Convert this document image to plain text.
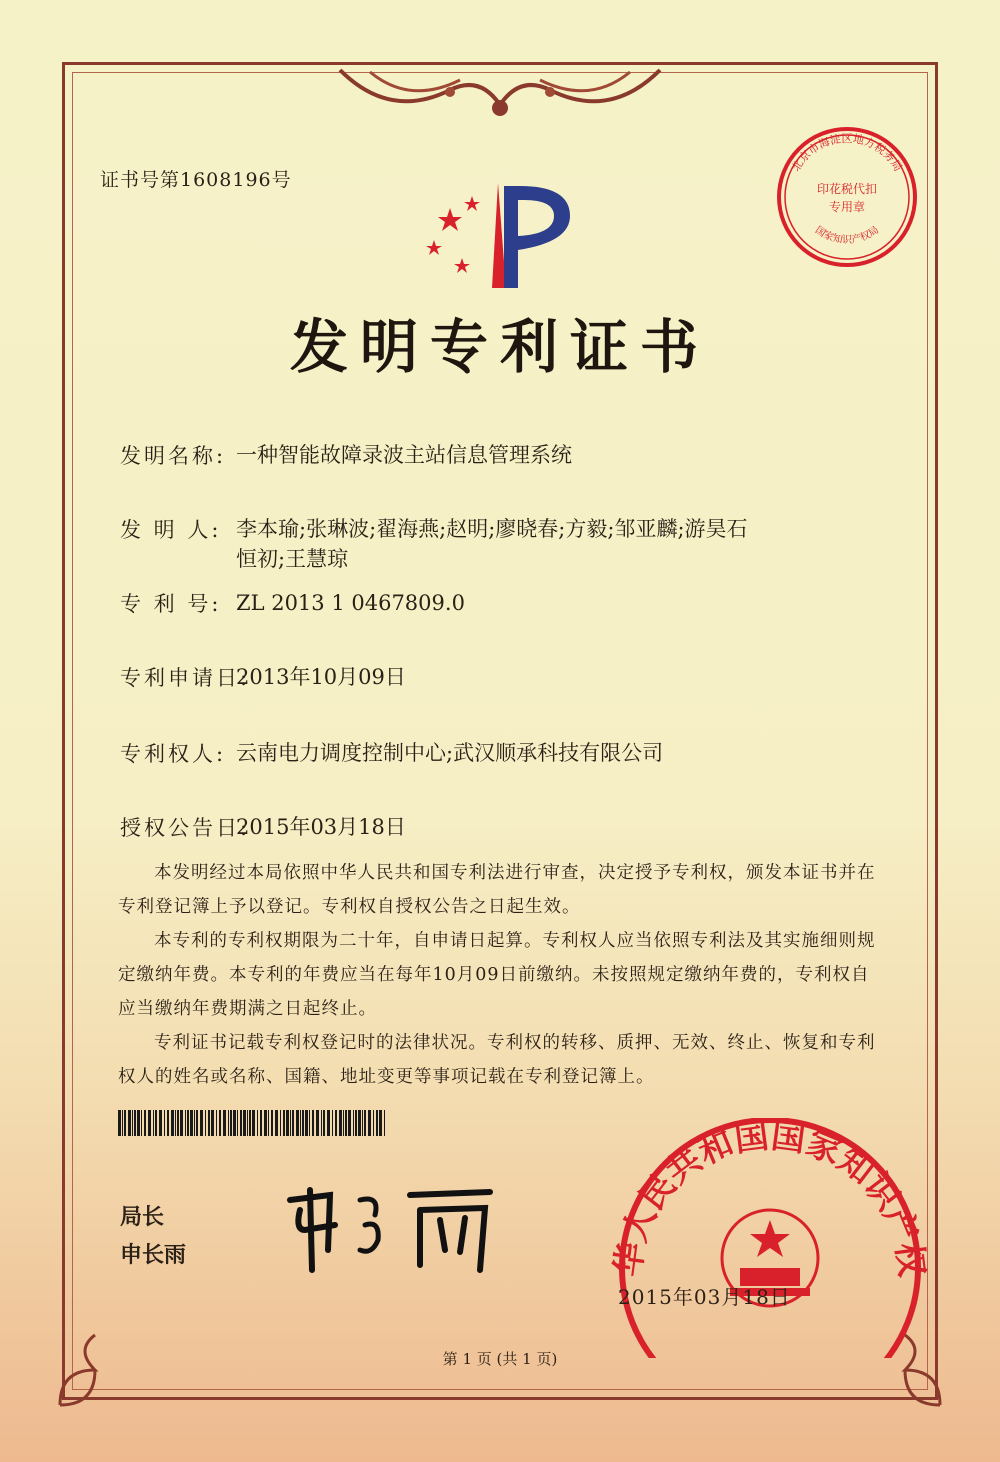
证书号第1608196号
北京市海淀区地方税务局
国家知识产权局
印花税代扣专用章
发明专利证书
发明名称: 一种智能故障录波主站信息管理系统
发 明 人: 李本瑜;张琳波;翟海燕;赵明;廖晓春;方毅;邹亚麟;游昊石恒初;王慧琼
专 利 号: ZL 2013 1 0467809.0
专利申请日:2013年10月09日
专利权人: 云南电力调度控制中心;武汉顺承科技有限公司
授权公告日:2015年03月18日
本发明经过本局依照中华人民共和国专利法进行审查，决定授予专利权，颁发本证书并在专利登记簿上予以登记。专利权自授权公告之日起生效。
本专利的专利权期限为二十年，自申请日起算。专利权人应当依照专利法及其实施细则规定缴纳年费。本专利的年费应当在每年10月09日前缴纳。未按照规定缴纳年费的，专利权自应当缴纳年费期满之日起终止。
专利证书记载专利权登记时的法律状况。专利权的转移、质押、无效、终止、恢复和专利权人的姓名或名称、国籍、地址变更等事项记载在专利登记簿上。
局长
申长雨	华人民共和国国家知识产权
2015年03月18日
第 1 页 (共 1 页)
